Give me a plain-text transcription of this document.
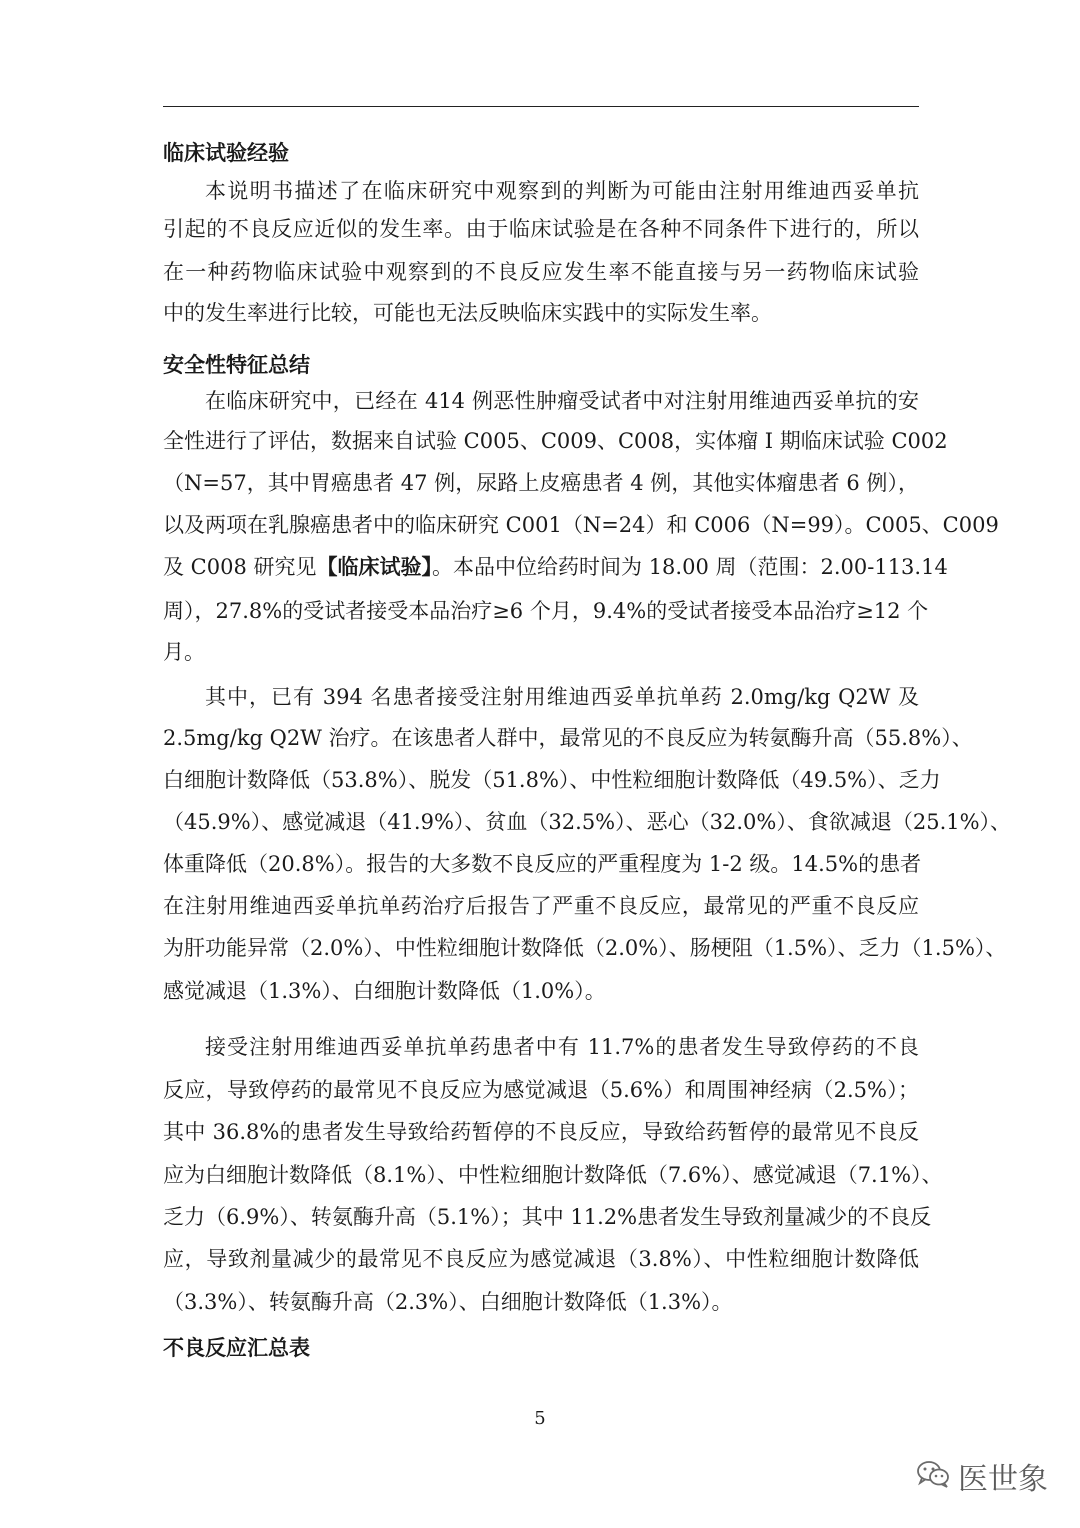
临床试验经验
本说明书描述了在临床研究中观察到的判断为可能由注射用维迪西妥单抗
引起的不良反应近似的发生率。由于临床试验是在各种不同条件下进行的，所以
在一种药物临床试验中观察到的不良反应发生率不能直接与另一药物临床试验
中的发生率进行比较，可能也无法反映临床实践中的实际发生率。
安全性特征总结
在临床研究中，已经在 414 例恶性肿瘤受试者中对注射用维迪西妥单抗的安
全性进行了评估，数据来自试验 C005、C009、C008，实体瘤 I 期临床试验 C002
（N=57，其中胃癌患者 47 例，尿路上皮癌患者 4 例，其他实体瘤患者 6 例），
以及两项在乳腺癌患者中的临床研究 C001（N=24）和 C006（N=99）。C005、C009
及 C008 研究见【临床试验】。本品中位给药时间为 18.00 周（范围：2.00-113.14
周），27.8%的受试者接受本品治疗≥6 个月，9.4%的受试者接受本品治疗≥12 个
月。
其中，已有 394 名患者接受注射用维迪西妥单抗单药 2.0mg/kg Q2W 及
2.5mg/kg Q2W 治疗。在该患者人群中，最常见的不良反应为转氨酶升高（55.8%）、
白细胞计数降低（53.8%）、脱发（51.8%）、中性粒细胞计数降低（49.5%）、乏力
（45.9%）、感觉减退（41.9%）、贫血（32.5%）、恶心（32.0%）、食欲减退（25.1%）、
体重降低（20.8%）。报告的大多数不良反应的严重程度为 1-2 级。14.5%的患者
在注射用维迪西妥单抗单药治疗后报告了严重不良反应，最常见的严重不良反应
为肝功能异常（2.0%）、中性粒细胞计数降低（2.0%）、肠梗阻（1.5%）、乏力（1.5%）、
感觉减退（1.3%）、白细胞计数降低（1.0%）。
接受注射用维迪西妥单抗单药患者中有 11.7%的患者发生导致停药的不良
反应，导致停药的最常见不良反应为感觉减退（5.6%）和周围神经病（2.5%）；
其中 36.8%的患者发生导致给药暂停的不良反应，导致给药暂停的最常见不良反
应为白细胞计数降低（8.1%）、中性粒细胞计数降低（7.6%）、感觉减退（7.1%）、
乏力（6.9%）、转氨酶升高（5.1%）；其中 11.2%患者发生导致剂量减少的不良反
应，导致剂量减少的最常见不良反应为感觉减退（3.8%）、中性粒细胞计数降低
（3.3%）、转氨酶升高（2.3%）、白细胞计数降低（1.3%）。
不良反应汇总表
5
医世象
